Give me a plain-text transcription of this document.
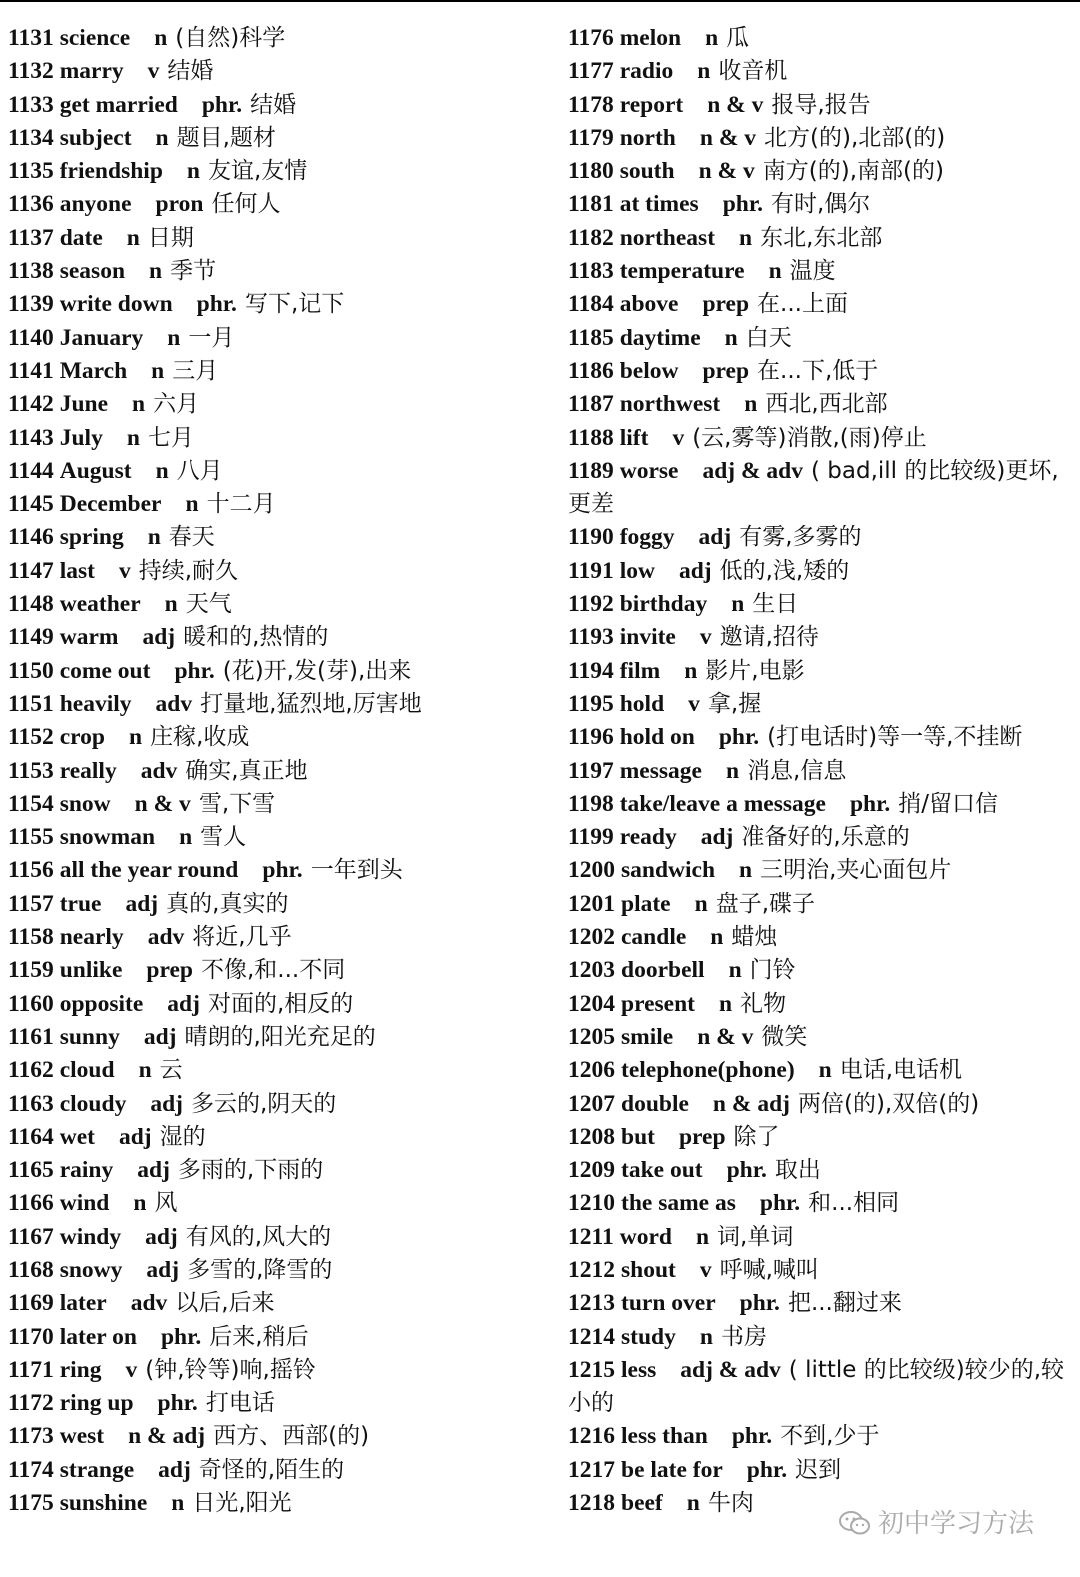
1131 science n (自然)科学
1132 marry v 结婚
1133 get married phr. 结婚
1134 subject n 题目,题材
1135 friendship n 友谊,友情
1136 anyone pron 任何人
1137 date n 日期
1138 season n 季节
1139 write down phr. 写下,记下
1140 January n 一月
1141 March n 三月
1142 June n 六月
1143 July n 七月
1144 August n 八月
1145 December n 十二月
1146 spring n 春天
1147 last v 持续,耐久
1148 weather n 天气
1149 warm adj 暖和的,热情的
1150 come out phr. (花)开,发(芽),出来
1151 heavily adv 打量地,猛烈地,厉害地
1152 crop n 庄稼,收成
1153 really adv 确实,真正地
1154 snow n & v 雪,下雪
1155 snowman n 雪人
1156 all the year round phr. 一年到头
1157 true adj 真的,真实的
1158 nearly adv 将近,几乎
1159 unlike prep 不像,和...不同
1160 opposite adj 对面的,相反的
1161 sunny adj 晴朗的,阳光充足的
1162 cloud n 云
1163 cloudy adj 多云的,阴天的
1164 wet adj 湿的
1165 rainy adj 多雨的,下雨的
1166 wind n 风
1167 windy adj 有风的,风大的
1168 snowy adj 多雪的,降雪的
1169 later adv 以后,后来
1170 later on phr. 后来,稍后
1171 ring v (钟,铃等)响,摇铃
1172 ring up phr. 打电话
1173 west n & adj 西方、西部(的)
1174 strange adj 奇怪的,陌生的
1175 sunshine n 日光,阳光
1176 melon n 瓜
1177 radio n 收音机
1178 report n & v 报导,报告
1179 north n & v 北方(的),北部(的)
1180 south n & v 南方(的),南部(的)
1181 at times phr. 有时,偶尔
1182 northeast n 东北,东北部
1183 temperature n 温度
1184 above prep 在...上面
1185 daytime n 白天
1186 below prep 在...下,低于
1187 northwest n 西北,西北部
1188 lift v (云,雾等)消散,(雨)停止
1189 worse adj & adv ( bad,ill 的比较级)更坏,更差
1190 foggy adj 有雾,多雾的
1191 low adj 低的,浅,矮的
1192 birthday n 生日
1193 invite v 邀请,招待
1194 film n 影片,电影
1195 hold v 拿,握
1196 hold on phr. (打电话时)等一等,不挂断
1197 message n 消息,信息
1198 take/leave a message phr. 捎/留口信
1199 ready adj 准备好的,乐意的
1200 sandwich n 三明治,夹心面包片
1201 plate n 盘子,碟子
1202 candle n 蜡烛
1203 doorbell n 门铃
1204 present n 礼物
1205 smile n & v 微笑
1206 telephone(phone) n 电话,电话机
1207 double n & adj 两倍(的),双倍(的)
1208 but prep 除了
1209 take out phr. 取出
1210 the same as phr. 和...相同
1211 word n 词,单词
1212 shout v 呼喊,喊叫
1213 turn over phr. 把...翻过来
1214 study n 书房
1215 less adj & adv ( little 的比较级)较少的,较小的
1216 less than phr. 不到,少于
1217 be late for phr. 迟到
1218 beef n 牛肉
初中学习方法
